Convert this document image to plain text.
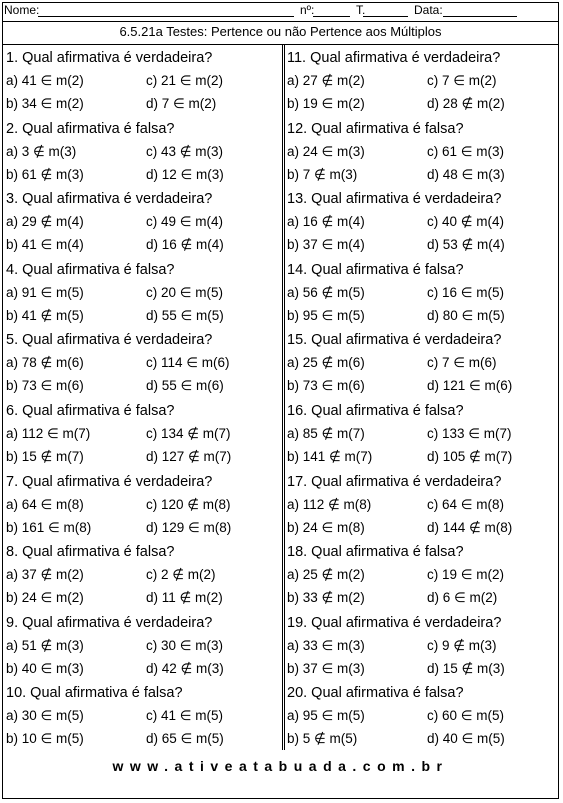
Nome:	nº:	T.	Data:
6.5.21a Testes: Pertence ou não Pertence aos Múltiplos
1. Qual afirmativa é verdadeira?
a) 41 ∈ m(2)	c) 21 ∈ m(2)
b) 34 ∈ m(2)	d) 7 ∈ m(2)
2. Qual afirmativa é falsa?
a) 3 ∉ m(3)	c) 43 ∉ m(3)
b) 61 ∉ m(3)	d) 12 ∈ m(3)
3. Qual afirmativa é verdadeira?
a) 29 ∉ m(4)	c) 49 ∈ m(4)
b) 41 ∈ m(4)	d) 16 ∉ m(4)
4. Qual afirmativa é falsa?
a) 91 ∈ m(5)	c) 20 ∈ m(5)
b) 41 ∉ m(5)	d) 55 ∈ m(5)
5. Qual afirmativa é verdadeira?
a) 78 ∉ m(6)	c) 114 ∈ m(6)
b) 73 ∈ m(6)	d) 55 ∈ m(6)
6. Qual afirmativa é falsa?
a) 112 ∈ m(7)	c) 134 ∉ m(7)
b) 15 ∉ m(7)	d) 127 ∉ m(7)
7. Qual afirmativa é verdadeira?
a) 64 ∈ m(8)	c) 120 ∉ m(8)
b) 161 ∈ m(8)	d) 129 ∈ m(8)
8. Qual afirmativa é falsa?
a) 37 ∉ m(2)	c) 2 ∉ m(2)
b) 24 ∈ m(2)	d) 11 ∉ m(2)
9. Qual afirmativa é verdadeira?
a) 51 ∉ m(3)	c) 30 ∈ m(3)
b) 40 ∈ m(3)	d) 42 ∉ m(3)
10. Qual afirmativa é falsa?
a) 30 ∈ m(5)	c) 41 ∈ m(5)
b) 10 ∈ m(5)	d) 65 ∈ m(5)
11. Qual afirmativa é verdadeira?
a) 27 ∉ m(2)	c) 7 ∈ m(2)
b) 19 ∈ m(2)	d) 28 ∉ m(2)
12. Qual afirmativa é falsa?
a) 24 ∈ m(3)	c) 61 ∈ m(3)
b) 7 ∉ m(3)	d) 48 ∈ m(3)
13. Qual afirmativa é verdadeira?
a) 16 ∉ m(4)	c) 40 ∉ m(4)
b) 37 ∈ m(4)	d) 53 ∉ m(4)
14. Qual afirmativa é falsa?
a) 56 ∉ m(5)	c) 16 ∈ m(5)
b) 95 ∈ m(5)	d) 80 ∈ m(5)
15. Qual afirmativa é verdadeira?
a) 25 ∉ m(6)	c) 7 ∈ m(6)
b) 73 ∈ m(6)	d) 121 ∈ m(6)
16. Qual afirmativa é falsa?
a) 85 ∉ m(7)	c) 133 ∈ m(7)
b) 141 ∉ m(7)	d) 105 ∉ m(7)
17. Qual afirmativa é verdadeira?
a) 112 ∉ m(8)	c) 64 ∈ m(8)
b) 24 ∈ m(8)	d) 144 ∉ m(8)
18. Qual afirmativa é falsa?
a) 25 ∉ m(2)	c) 19 ∈ m(2)
b) 33 ∉ m(2)	d) 6 ∈ m(2)
19. Qual afirmativa é verdadeira?
a) 33 ∈ m(3)	c) 9 ∉ m(3)
b) 37 ∈ m(3)	d) 15 ∉ m(3)
20. Qual afirmativa é falsa?
a) 95 ∈ m(5)	c) 60 ∈ m(5)
b) 5 ∉ m(5)	d) 40 ∈ m(5)
www.ativeatabuada.com.br
